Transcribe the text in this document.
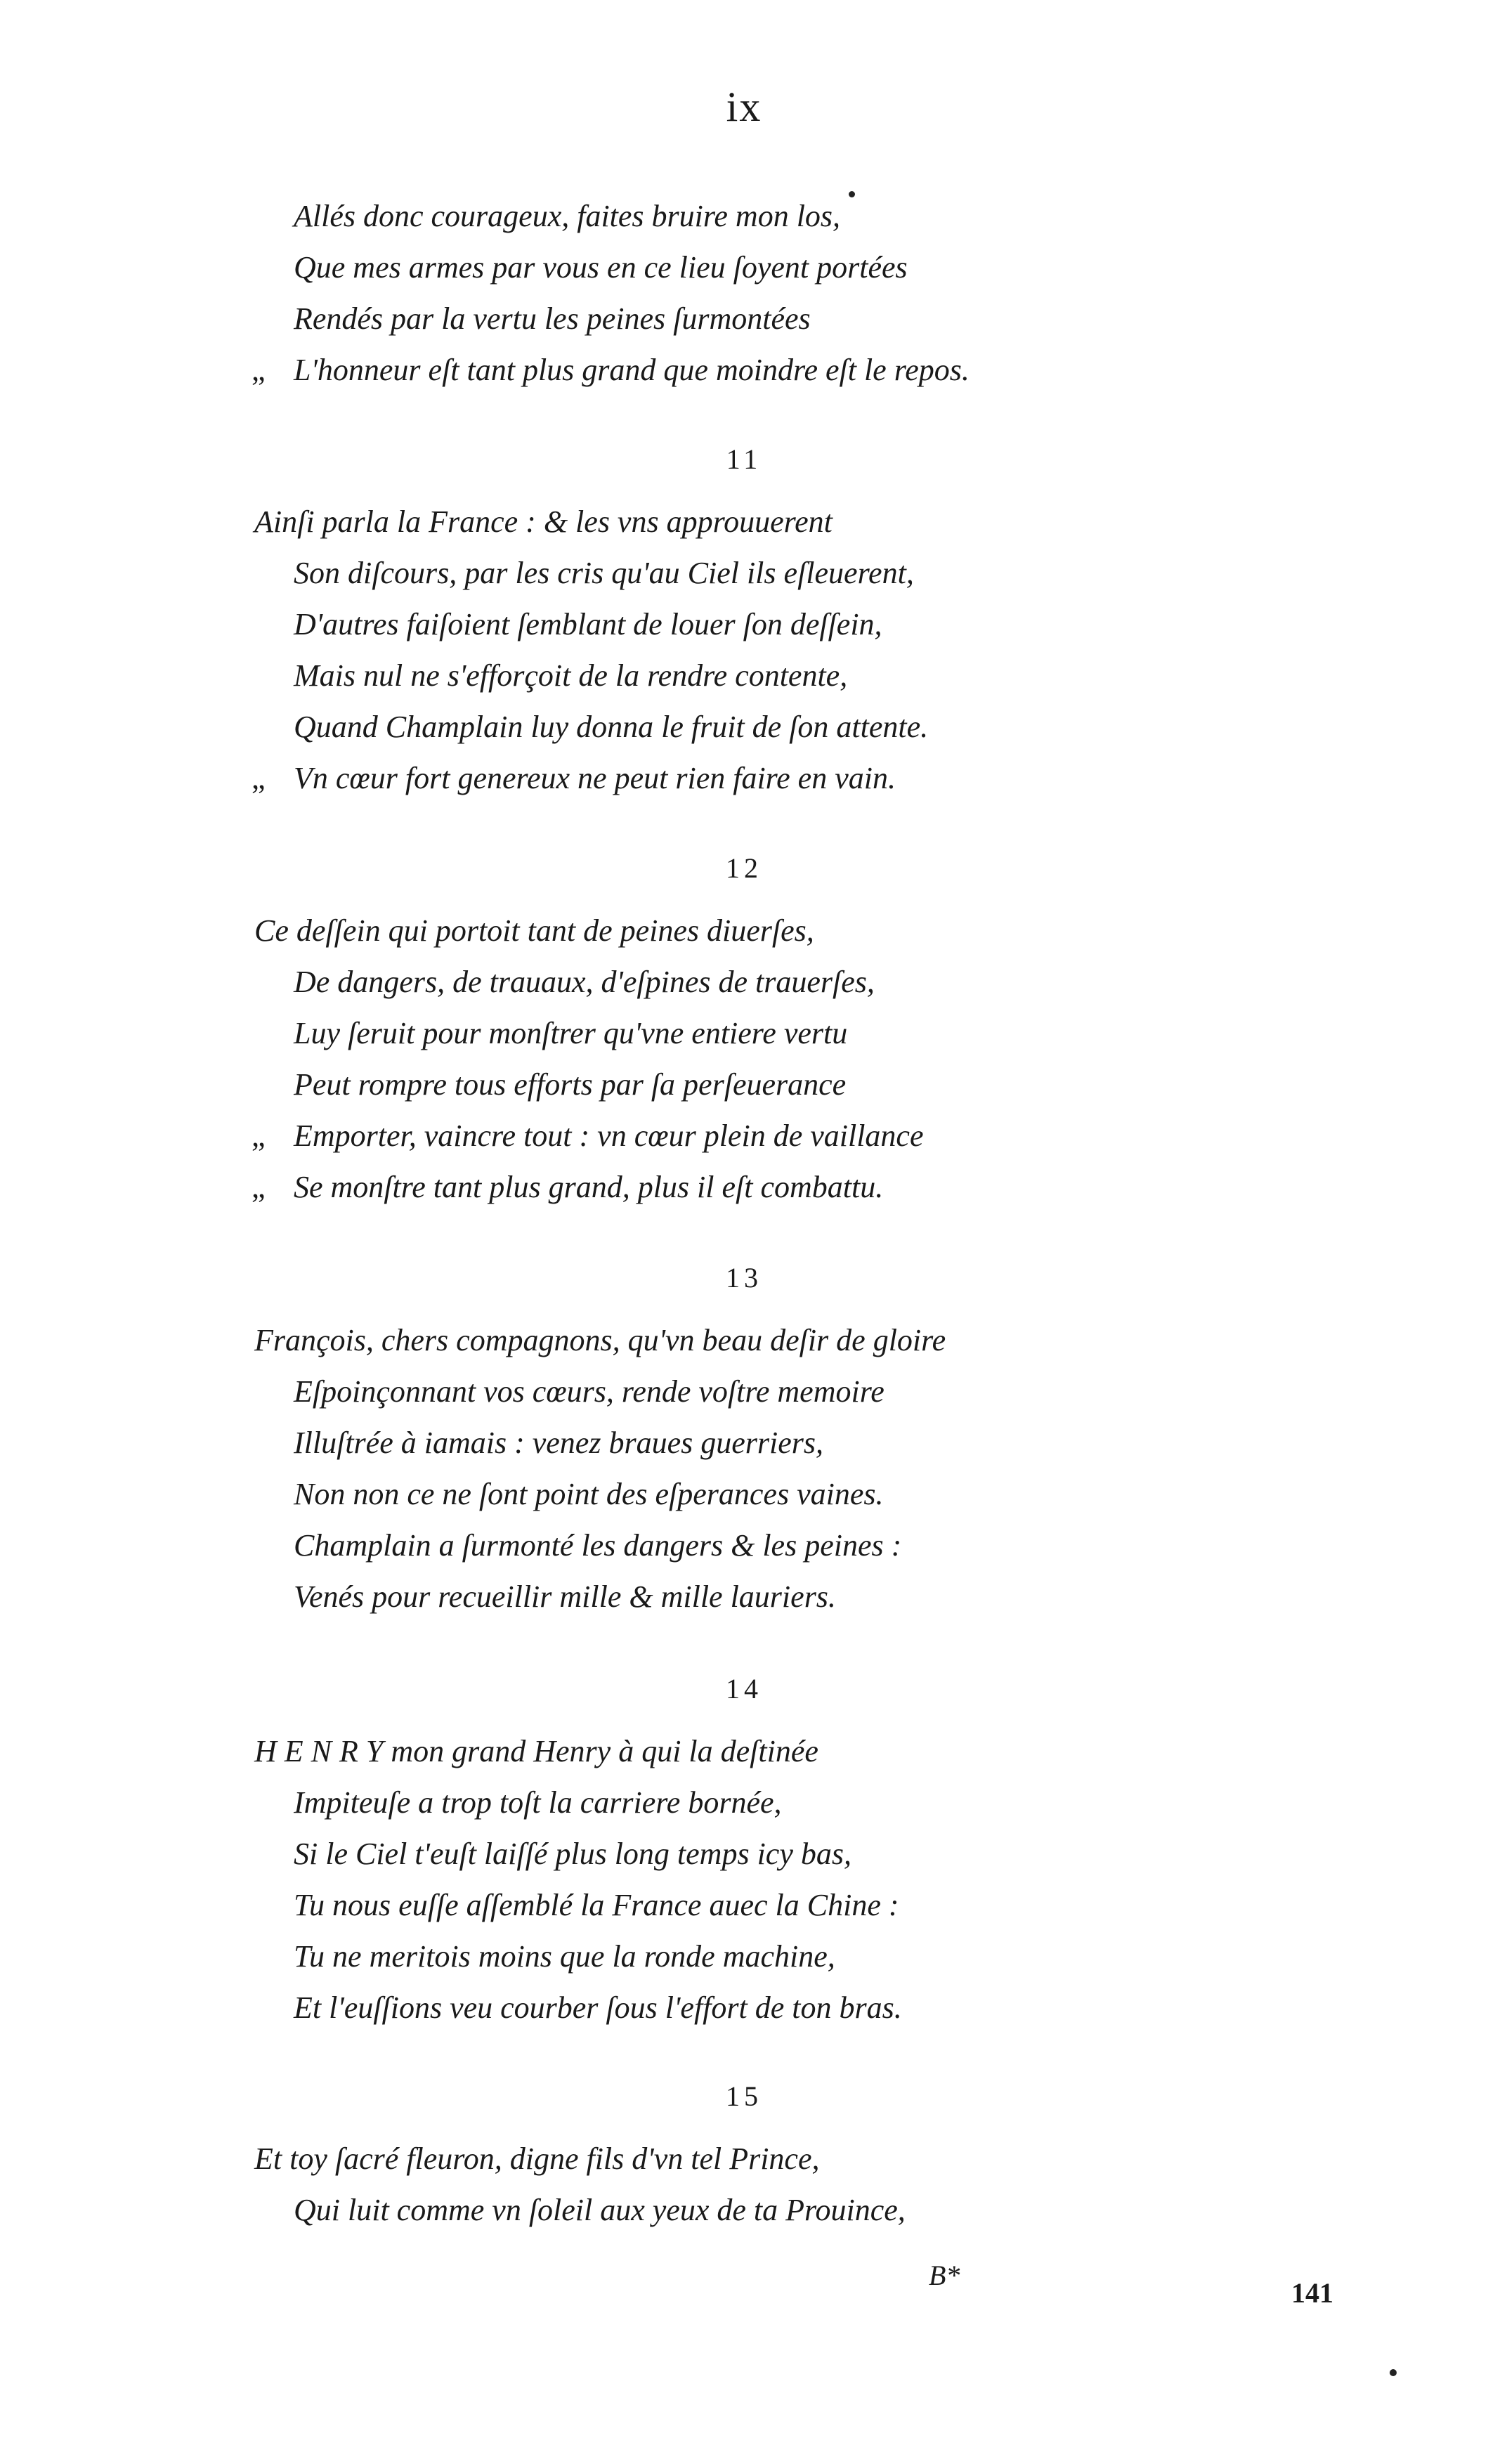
ix
Allés donc courageux, faites bruire mon los,
Que mes armes par vous en ce lieu ſoyent portées
Rendés par la vertu les peines ſurmontées
„ L'honneur eſt tant plus grand que moindre eſt le repos.
11
Ainſi parla la France : & les vns approuuerent
Son diſcours, par les cris qu'au Ciel ils eſleuerent,
D'autres faiſoient ſemblant de louer ſon deſſein,
Mais nul ne s'efforçoit de la rendre contente,
Quand Champlain luy donna le fruit de ſon attente.
„ Vn cœur fort genereux ne peut rien faire en vain.
12
Ce deſſein qui portoit tant de peines diuerſes,
De dangers, de trauaux, d'eſpines de trauerſes,
Luy ſeruit pour monſtrer qu'vne entiere vertu
Peut rompre tous efforts par ſa perſeuerance
„ Emporter, vaincre tout : vn cœur plein de vaillance
„ Se monſtre tant plus grand, plus il eſt combattu.
13
François, chers compagnons, qu'vn beau deſir de gloire
Eſpoinçonnant vos cœurs, rende voſtre memoire
Illuſtrée à iamais : venez braues guerriers,
Non non ce ne ſont point des eſperances vaines.
Champlain a ſurmonté les dangers & les peines :
Venés pour recueillir mille & mille lauriers.
14
H E N R Y mon grand Henry à qui la deſtinée
Impiteuſe a trop toſt la carriere bornée,
Si le Ciel t'euſt laiſſé plus long temps icy bas,
Tu nous euſſe aſſemblé la France auec la Chine :
Tu ne meritois moins que la ronde machine,
Et l'euſſions veu courber ſous l'effort de ton bras.
15
Et toy ſacré fleuron, digne fils d'vn tel Prince,
Qui luit comme vn ſoleil aux yeux de ta Prouince,
B*
141
